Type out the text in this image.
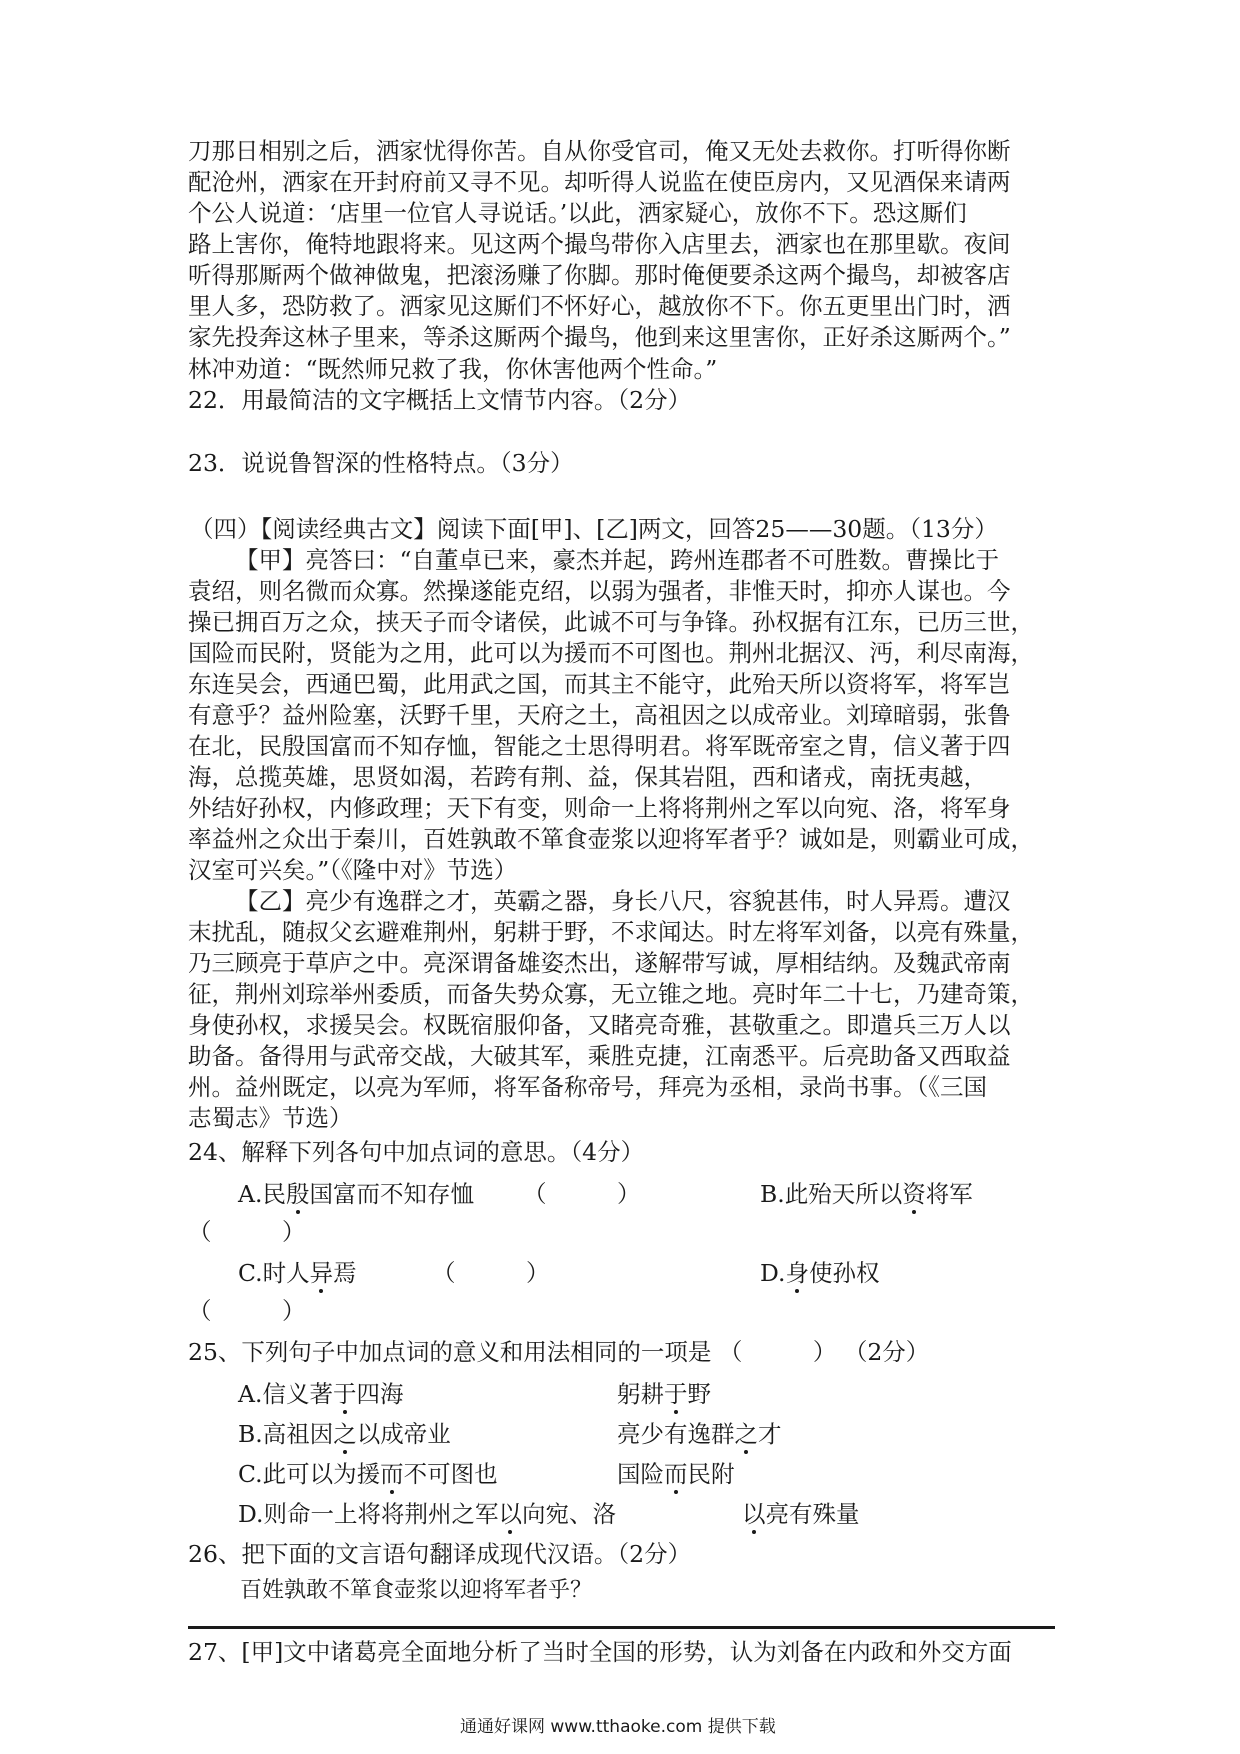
刀那日相别之后，洒家忧得你苦。自从你受官司，俺又无处去救你。打听得你断
配沧州，洒家在开封府前又寻不见。却听得人说监在使臣房内，又见酒保来请两
个公人说道：‘店里一位官人寻说话。’以此，洒家疑心，放你不下。恐这厮们
路上害你，俺特地跟将来。见这两个撮鸟带你入店里去，洒家也在那里歇。夜间
听得那厮两个做神做鬼，把滚汤赚了你脚。那时俺便要杀这两个撮鸟，却被客店
里人多，恐防救了。洒家见这厮们不怀好心，越放你不下。你五更里出门时，洒
家先投奔这林子里来，等杀这厮两个撮鸟，他到来这里害你，正好杀这厮两个。”
林冲劝道：“既然师兄救了我，你休害他两个性命。”
22．用最简洁的文字概括上文情节内容。（2分）
23．说说鲁智深的性格特点。（3分）
（四）【阅读经典古文】阅读下面[甲]、[乙]两文，回答25——30题。（13分）
【甲】亮答曰：“自董卓已来，豪杰并起，跨州连郡者不可胜数。曹操比于
袁绍，则名微而众寡。然操遂能克绍，以弱为强者，非惟天时，抑亦人谋也。今
操已拥百万之众，挟天子而令诸侯，此诚不可与争锋。孙权据有江东，已历三世，
国险而民附，贤能为之用，此可以为援而不可图也。荆州北据汉、沔，利尽南海，
东连吴会，西通巴蜀，此用武之国，而其主不能守，此殆天所以资将军，将军岂
有意乎？益州险塞，沃野千里，天府之土，高祖因之以成帝业。刘璋暗弱，张鲁
在北，民殷国富而不知存恤，智能之士思得明君。将军既帝室之胄，信义著于四
海，总揽英雄，思贤如渴，若跨有荆、益，保其岩阻，西和诸戎，南抚夷越，
外结好孙权，内修政理；天下有变，则命一上将将荆州之军以向宛、洛，将军身
率益州之众出于秦川，百姓孰敢不箪食壶浆以迎将军者乎？诚如是，则霸业可成，
汉室可兴矣。”（《隆中对》节选）
【乙】亮少有逸群之才，英霸之器，身长八尺，容貌甚伟，时人异焉。遭汉
末扰乱，随叔父玄避难荆州，躬耕于野，不求闻达。时左将军刘备，以亮有殊量，
乃三顾亮于草庐之中。亮深谓备雄姿杰出，遂解带写诚，厚相结纳。及魏武帝南
征，荆州刘琮举州委质，而备失势众寡，无立锥之地。亮时年二十七，乃建奇策，
身使孙权，求援吴会。权既宿服仰备，又睹亮奇雅，甚敬重之。即遣兵三万人以
助备。备得用与武帝交战，大破其军，乘胜克捷，江南悉平。后亮助备又西取益
州。益州既定，以亮为军师，将军备称帝号，拜亮为丞相，录尚书事。（《三国
志蜀志》节选）
24、解释下列各句中加点词的意思。（4分）
A.民殷国富而不知存恤 （　　　）	B.此殆天所以资将军
（　　　）
C.时人异焉	（　　　）	D.身使孙权
（　　　）
25、下列句子中加点词的意义和用法相同的一项是 （　　　） （2分）
A.信义著于四海	躬耕于野
B.高祖因之以成帝业	亮少有逸群之才
C.此可以为援而不可图也	国险而民附
D.则命一上将将荆州之军以向宛、洛	以亮有殊量
26、把下面的文言语句翻译成现代汉语。（2分）
百姓孰敢不箪食壶浆以迎将军者乎？
27、[甲]文中诸葛亮全面地分析了当时全国的形势，认为刘备在内政和外交方面
通通好课网 www.tthaoke.com 提供下载
